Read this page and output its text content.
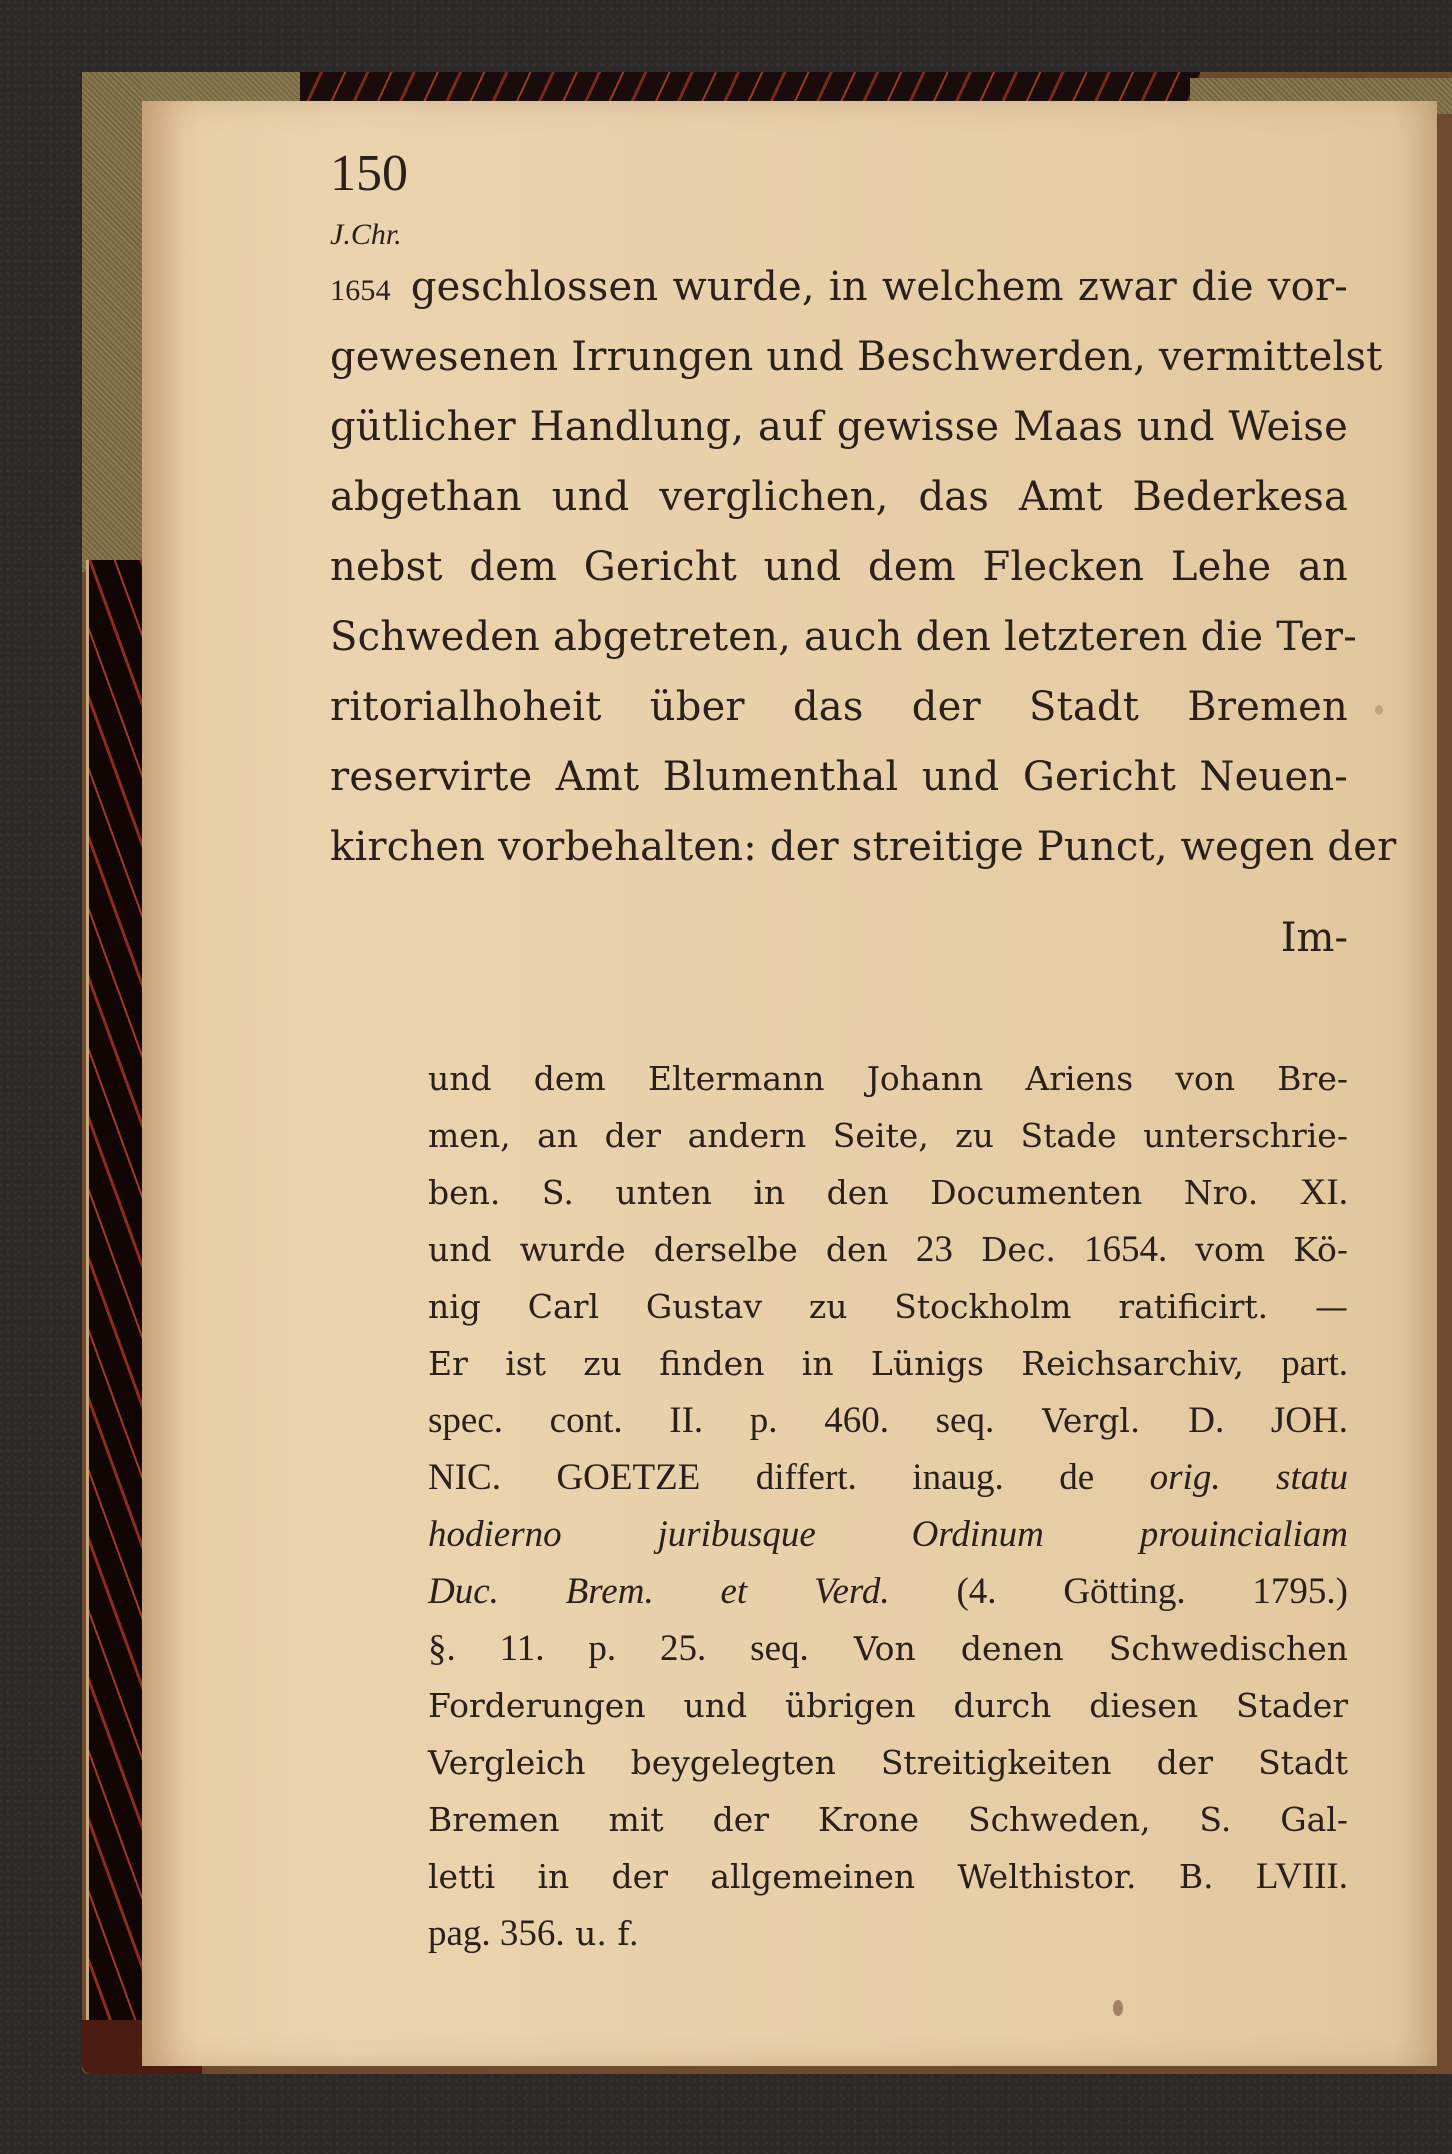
150
J.Chr.
1654 geschlossen wurde, in welchem zwar die vor-
gewesenen Irrungen und Beschwerden, vermittelst
gütlicher Handlung, auf gewisse Maas und Weise
abgethan und verglichen, das Amt Bederkesa
nebst dem Gericht und dem Flecken Lehe an
Schweden abgetreten, auch den letzteren die Ter-
ritorialhoheit über das der Stadt Bremen
reservirte Amt Blumenthal und Gericht Neuen-
kirchen vorbehalten: der streitige Punct, wegen der
Im-
und dem Eltermann Johann Ariens von Bre-
men, an der andern Seite, zu Stade unterschrie-
ben. S. unten in den Documenten Nro. XI.
und wurde derselbe den 23 Dec. 1654. vom Kö-
nig Carl Gustav zu Stockholm ratificirt. —
Er ist zu finden in Lünigs Reichsarchiv, part.
spec. cont. II. p. 460. seq. Vergl. D. JOH.
NIC. GOETZE differt. inaug. de orig. statu
hodierno juribusque Ordinum prouincialiam
Duc. Brem. et Verd. (4. Götting. 1795.)
§. 11. p. 25. seq. Von denen Schwedischen
Forderungen und übrigen durch diesen Stader
Vergleich beygelegten Streitigkeiten der Stadt
Bremen mit der Krone Schweden, S. Gal-
letti in der allgemeinen Welthistor. B. LVIII.
pag. 356. u. f.
